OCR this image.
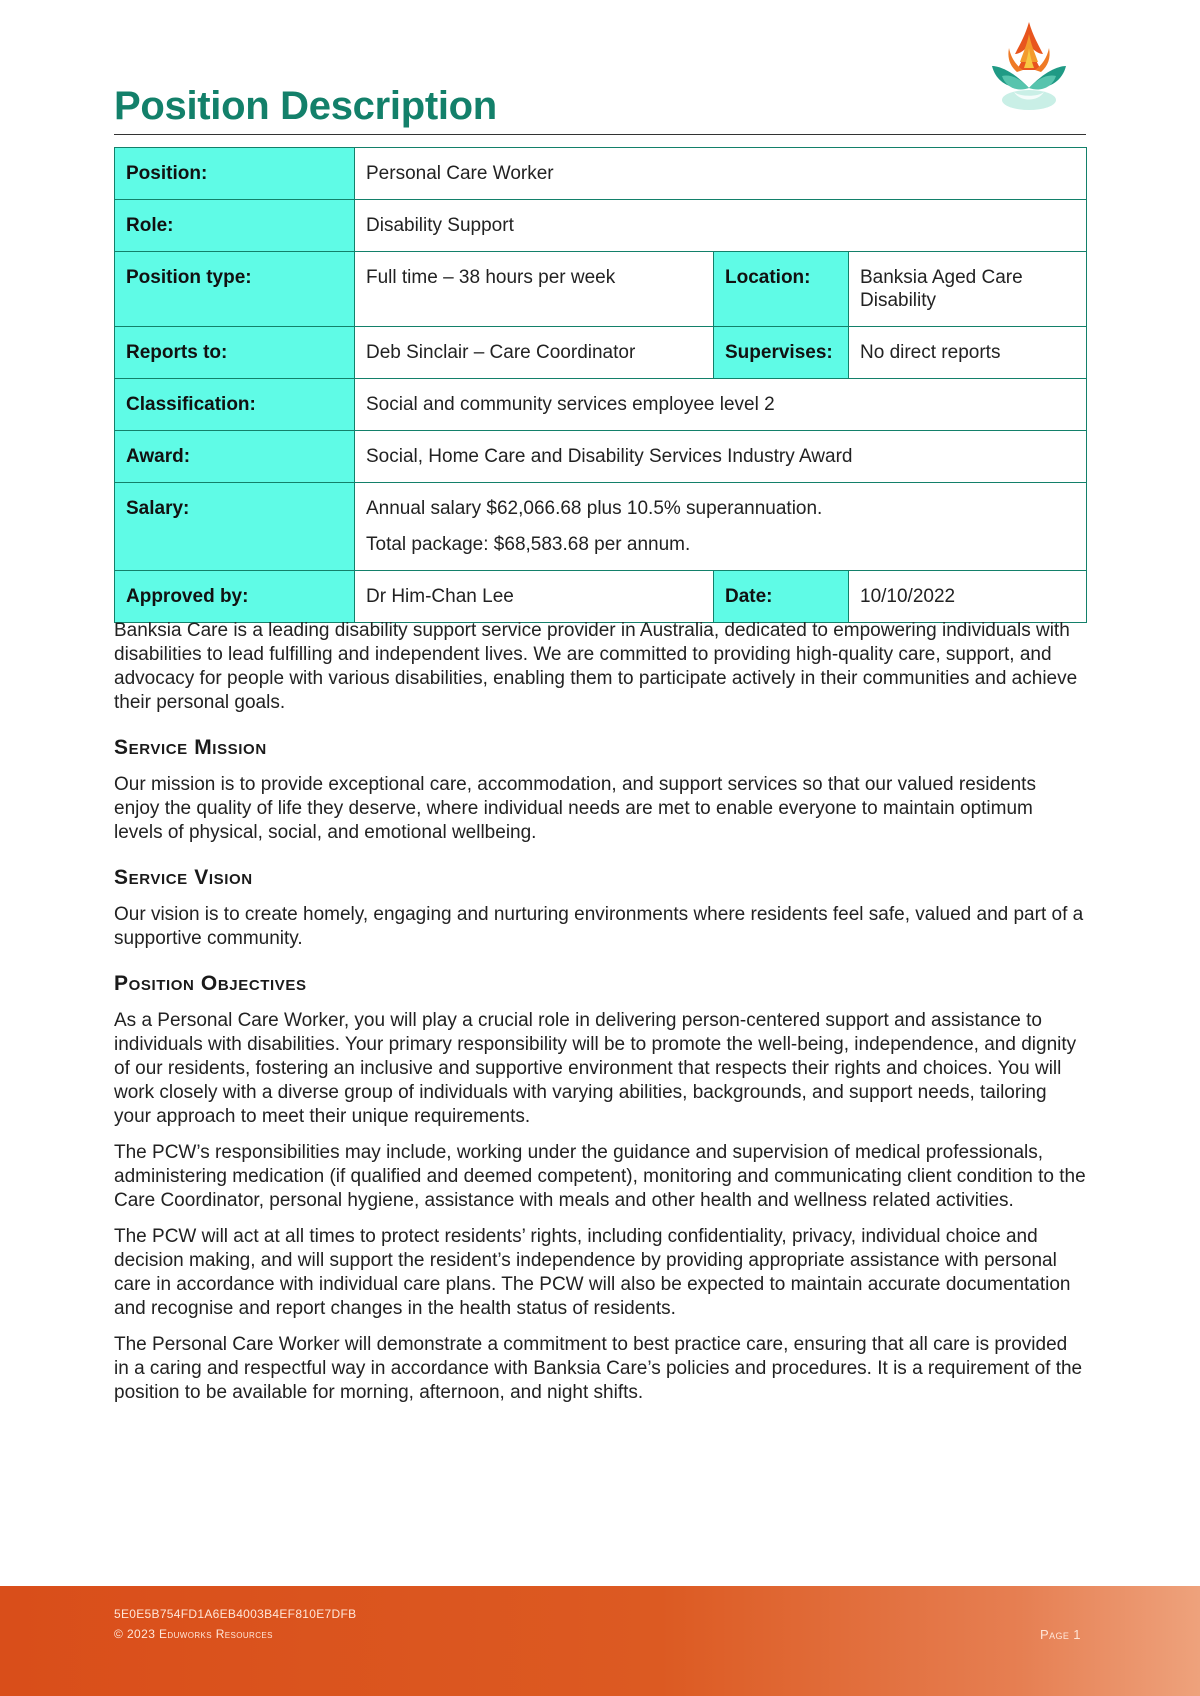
Position Description
Position:	Personal Care Worker		
Role:	Disability Support		
Position type:	Full time – 38 hours per week	Location:	Banksia Aged Care Disability
Reports to:	Deb Sinclair – Care Coordinator	Supervises:	No direct reports
Classification:	Social and community services employee level 2		
Award:	Social, Home Care and Disability Services Industry Award		
Salary:	Annual salary $62,066.68 plus 10.5% superannuation.

Total package: $68,583.68 per annum.		

Approved by:	Dr Him-Chan Lee	Date:	10/10/2022

Banksia Care is a leading disability support service provider in Australia, dedicated to empowering individuals with disabilities to lead fulfilling and independent lives. We are committed to providing high-quality care, support, and advocacy for people with various disabilities, enabling them to participate actively in their communities and achieve their personal goals.

Service Mission

Our mission is to provide exceptional care, accommodation, and support services so that our valued residents enjoy the quality of life they deserve, where individual needs are met to enable everyone to maintain optimum levels of physical, social, and emotional wellbeing.

Service Vision

Our vision is to create homely, engaging and nurturing environments where residents feel safe, valued and part of a supportive community.

Position Objectives

As a Personal Care Worker, you will play a crucial role in delivering person-centered support and assistance to individuals with disabilities. Your primary responsibility will be to promote the well-being, independence, and dignity of our residents, fostering an inclusive and supportive environment that respects their rights and choices. You will work closely with a diverse group of individuals with varying abilities, backgrounds, and support needs, tailoring your approach to meet their unique requirements.

The PCW’s responsibilities may include, working under the guidance and supervision of medical professionals, administering medication (if qualified and deemed competent), monitoring and communicating client condition to the Care Coordinator, personal hygiene, assistance with meals and other health and wellness related activities.

The PCW will act at all times to protect residents’ rights, including confidentiality, privacy, individual choice and decision making, and will support the resident’s independence by providing appropriate assistance with personal care in accordance with individual care plans. The PCW will also be expected to maintain accurate documentation and recognise and report changes in the health status of residents.

The Personal Care Worker will demonstrate a commitment to best practice care, ensuring that all care is provided in a caring and respectful way in accordance with Banksia Care’s policies and procedures. It is a requirement of the position to be available for morning, afternoon, and night shifts.

5E0E5B754FD1A6EB4003B4EF810E7DFB
© 2023 Eduworks Resources	Page 1
